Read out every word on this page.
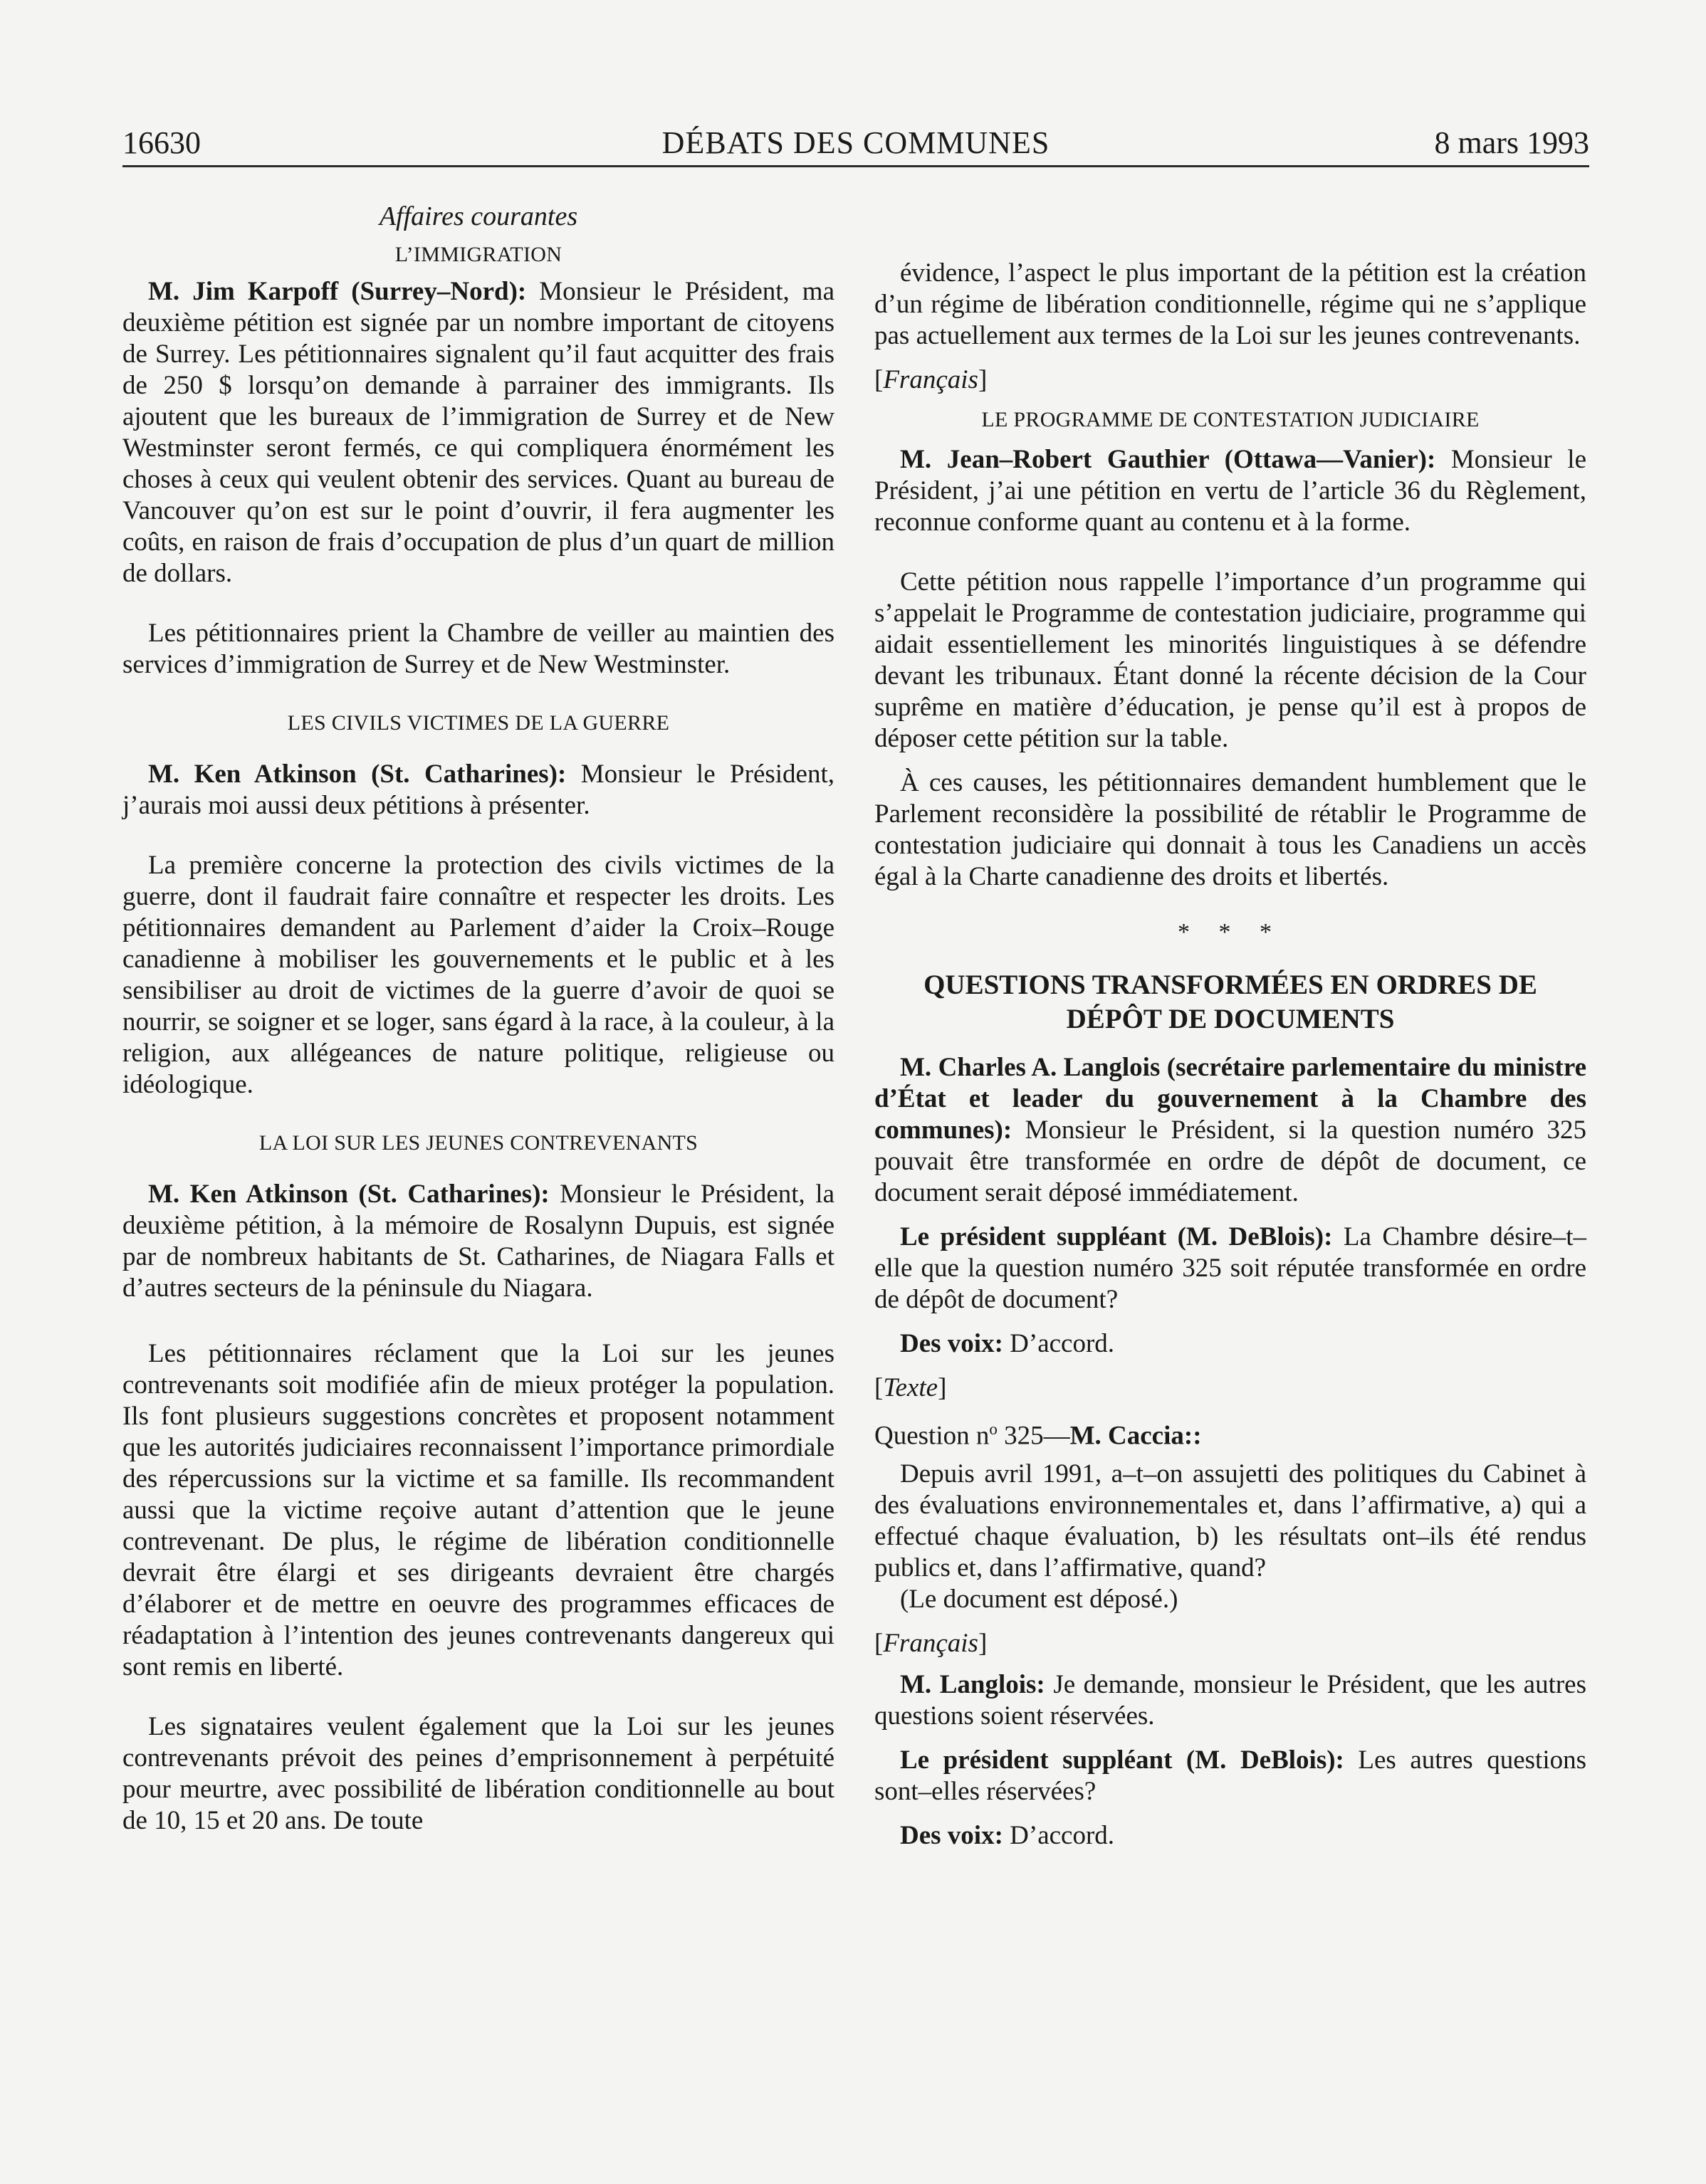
16630	DÉBATS DES COMMUNES	8 mars 1993
Affaires courantes
L’IMMIGRATION

M. Jim Karpoff (Surrey–Nord): Monsieur le Président, ma deuxième pétition est signée par un nombre important de citoyens de Surrey. Les pétitionnaires signalent qu’il faut acquitter des frais de 250 $ lorsqu’on demande à parrainer des immigrants. Ils ajoutent que les bureaux de l’immigration de Surrey et de New Westminster seront fermés, ce qui compliquera énormément les choses à ceux qui veulent obtenir des services. Quant au bureau de Vancouver qu’on est sur le point d’ouvrir, il fera augmenter les coûts, en raison de frais d’occupation de plus d’un quart de million de dollars.

Les pétitionnaires prient la Chambre de veiller au maintien des services d’immigration de Surrey et de New Westminster.

LES CIVILS VICTIMES DE LA GUERRE

M. Ken Atkinson (St. Catharines): Monsieur le Président, j’aurais moi aussi deux pétitions à présenter.

La première concerne la protection des civils victimes de la guerre, dont il faudrait faire connaître et respecter les droits. Les pétitionnaires demandent au Parlement d’aider la Croix–Rouge canadienne à mobiliser les gouvernements et le public et à les sensibiliser au droit de victimes de la guerre d’avoir de quoi se nourrir, se soigner et se loger, sans égard à la race, à la couleur, à la religion, aux allégeances de nature politique, religieuse ou idéologique.

LA LOI SUR LES JEUNES CONTREVENANTS

M. Ken Atkinson (St. Catharines): Monsieur le Président, la deuxième pétition, à la mémoire de Rosalynn Dupuis, est signée par de nombreux habitants de St. Catharines, de Niagara Falls et d’autres secteurs de la péninsule du Niagara.

Les pétitionnaires réclament que la Loi sur les jeunes contrevenants soit modifiée afin de mieux protéger la population. Ils font plusieurs suggestions concrètes et proposent notamment que les autorités judiciaires reconnaissent l’importance primordiale des répercussions sur la victime et sa famille. Ils recommandent aussi que la victime reçoive autant d’attention que le jeune contrevenant. De plus, le régime de libération conditionnelle devrait être élargi et ses dirigeants devraient être chargés d’élaborer et de mettre en oeuvre des programmes efficaces de réadaptation à l’intention des jeunes contrevenants dangereux qui sont remis en liberté.

Les signataires veulent également que la Loi sur les jeunes contrevenants prévoit des peines d’emprisonnement à perpétuité pour meurtre, avec possibilité de libération conditionnelle au bout de 10, 15 et 20 ans. De toute

évidence, l’aspect le plus important de la pétition est la création d’un régime de libération conditionnelle, régime qui ne s’applique pas actuellement aux termes de la Loi sur les jeunes contrevenants.

[Français]
LE PROGRAMME DE CONTESTATION JUDICIAIRE

M. Jean–Robert Gauthier (Ottawa—Vanier): Monsieur le Président, j’ai une pétition en vertu de l’article 36 du Règlement, reconnue conforme quant au contenu et à la forme.

Cette pétition nous rappelle l’importance d’un programme qui s’appelait le Programme de contestation judiciaire, programme qui aidait essentiellement les minorités linguistiques à se défendre devant les tribunaux. Étant donné la récente décision de la Cour suprême en matière d’éducation, je pense qu’il est à propos de déposer cette pétition sur la table.

À ces causes, les pétitionnaires demandent humblement que le Parlement reconsidère la possibilité de rétablir le Programme de contestation judiciaire qui donnait à tous les Canadiens un accès égal à la Charte canadienne des droits et libertés.

* * *
QUESTIONS TRANSFORMÉES EN ORDRES DE
DÉPÔT DE DOCUMENTS

M. Charles A. Langlois (secrétaire parlementaire du ministre d’État et leader du gouvernement à la Chambre des communes): Monsieur le Président, si la question numéro 325 pouvait être transformée en ordre de dépôt de document, ce document serait déposé immédiatement.

Le président suppléant (M. DeBlois): La Chambre désire–t–elle que la question numéro 325 soit réputée transformée en ordre de dépôt de document?

Des voix: D’accord.

[Texte]
Question $n^o$ 325—M. Caccia::

Depuis avril 1991, a–t–on assujetti des politiques du Cabinet à des évaluations environnementales et, dans l’affirmative, a) qui a effectué chaque évaluation, b) les résultats ont–ils été rendus publics et, dans l’affirmative, quand?

(Le document est déposé.)

[Français]

M. Langlois: Je demande, monsieur le Président, que les autres questions soient réservées.

Le président suppléant (M. DeBlois): Les autres questions sont–elles réservées?

Des voix: D’accord.
